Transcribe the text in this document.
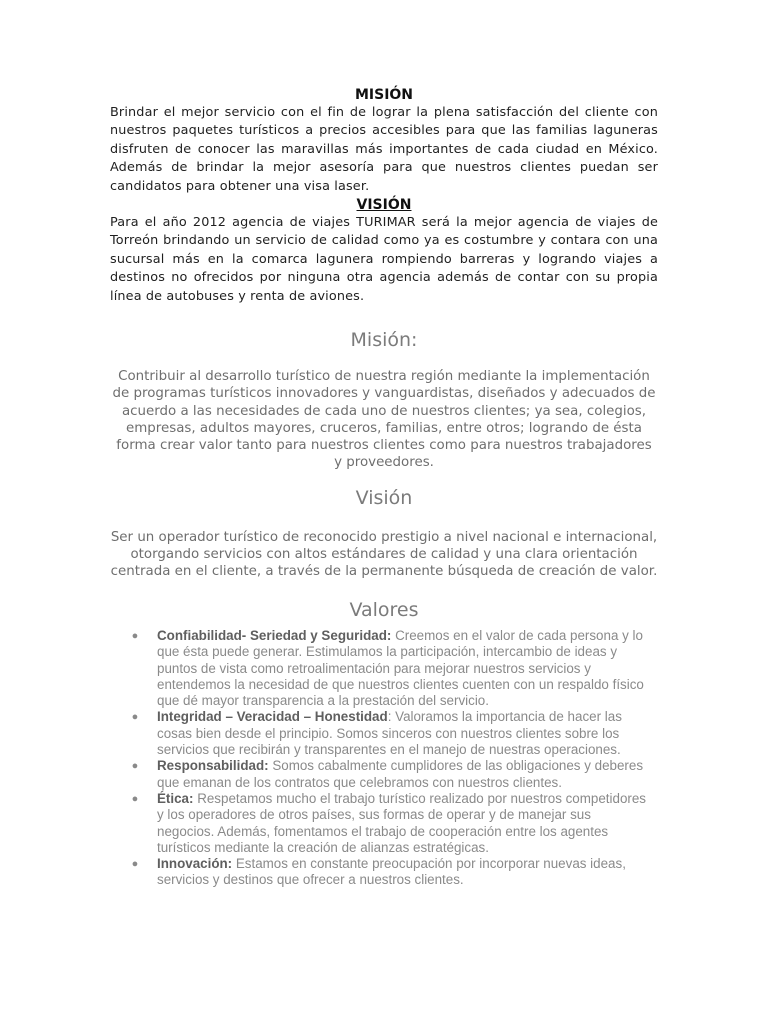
MISIÓN

Brindar el mejor servicio con el fin de lograr la plena satisfacción del cliente con nuestros paquetes turísticos a precios accesibles para que las familias laguneras disfruten de conocer las maravillas más importantes de cada ciudad en México. Además de brindar la mejor asesoría para que nuestros clientes puedan ser candidatos para obtener una visa laser.

VISIÓN

Para el año 2012 agencia de viajes TURIMAR será la mejor agencia de viajes de Torreón brindando un servicio de calidad como ya es costumbre y contara con una sucursal más en la comarca lagunera rompiendo barreras y logrando viajes a destinos no ofrecidos por ninguna otra agencia además de contar con su propia línea de autobuses y renta de aviones.

Misión:

Contribuir al desarrollo turístico de nuestra región mediante la implementación de programas turísticos innovadores y vanguardistas, diseñados y adecuados de acuerdo a las necesidades de cada uno de nuestros clientes; ya sea, colegios, empresas, adultos mayores, cruceros, familias, entre otros; logrando de ésta forma crear valor tanto para nuestros clientes como para nuestros trabajadores y proveedores.

Visión

Ser un operador turístico de reconocido prestigio a nivel nacional e internacional, otorgando servicios con altos estándares de calidad y una clara orientación centrada en el cliente, a través de la permanente búsqueda de creación de valor.

Valores

● Confiabilidad- Seriedad y Seguridad: Creemos en el valor de cada persona y lo que ésta puede generar. Estimulamos la participación, intercambio de ideas y puntos de vista como retroalimentación para mejorar nuestros servicios y entendemos la necesidad de que nuestros clientes cuenten con un respaldo físico que dé mayor transparencia a la prestación del servicio.

● Integridad – Veracidad – Honestidad: Valoramos la importancia de hacer las cosas bien desde el principio. Somos sinceros con nuestros clientes sobre los servicios que recibirán y transparentes en el manejo de nuestras operaciones.

● Responsabilidad: Somos cabalmente cumplidores de las obligaciones y deberes que emanan de los contratos que celebramos con nuestros clientes.

● Ética: Respetamos mucho el trabajo turístico realizado por nuestros competidores y los operadores de otros países, sus formas de operar y de manejar sus negocios. Además, fomentamos el trabajo de cooperación entre los agentes turísticos mediante la creación de alianzas estratégicas.

● Innovación: Estamos en constante preocupación por incorporar nuevas ideas, servicios y destinos que ofrecer a nuestros clientes.
